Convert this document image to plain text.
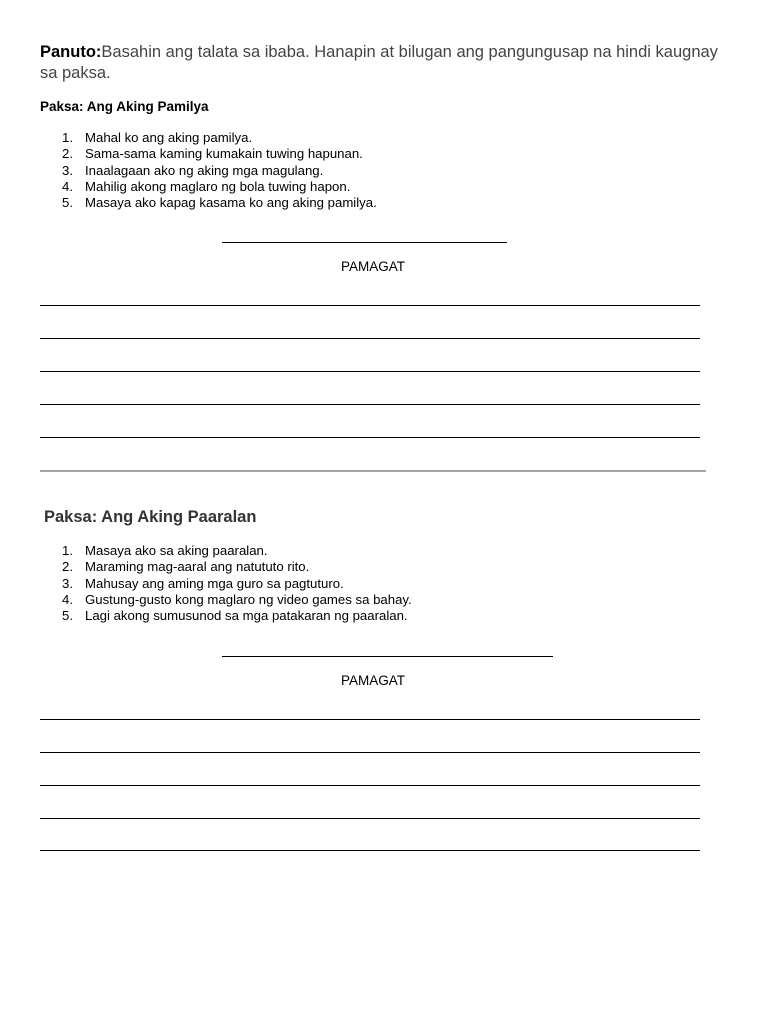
Panuto:Basahin ang talata sa ibaba. Hanapin at bilugan ang pangungusap na hindi kaugnay sa paksa.
Paksa: Ang Aking Pamilya
1. Mahal ko ang aking pamilya.
2. Sama-sama kaming kumakain tuwing hapunan.
3. Inaalagaan ako ng aking mga magulang.
4. Mahilig akong maglaro ng bola tuwing hapon.
5. Masaya ako kapag kasama ko ang aking pamilya.
PAMAGAT
Paksa: Ang Aking Paaralan
1. Masaya ako sa aking paaralan.
2. Maraming mag-aaral ang natututo rito.
3. Mahusay ang aming mga guro sa pagtuturo.
4. Gustung-gusto kong maglaro ng video games sa bahay.
5. Lagi akong sumusunod sa mga patakaran ng paaralan.
PAMAGAT
